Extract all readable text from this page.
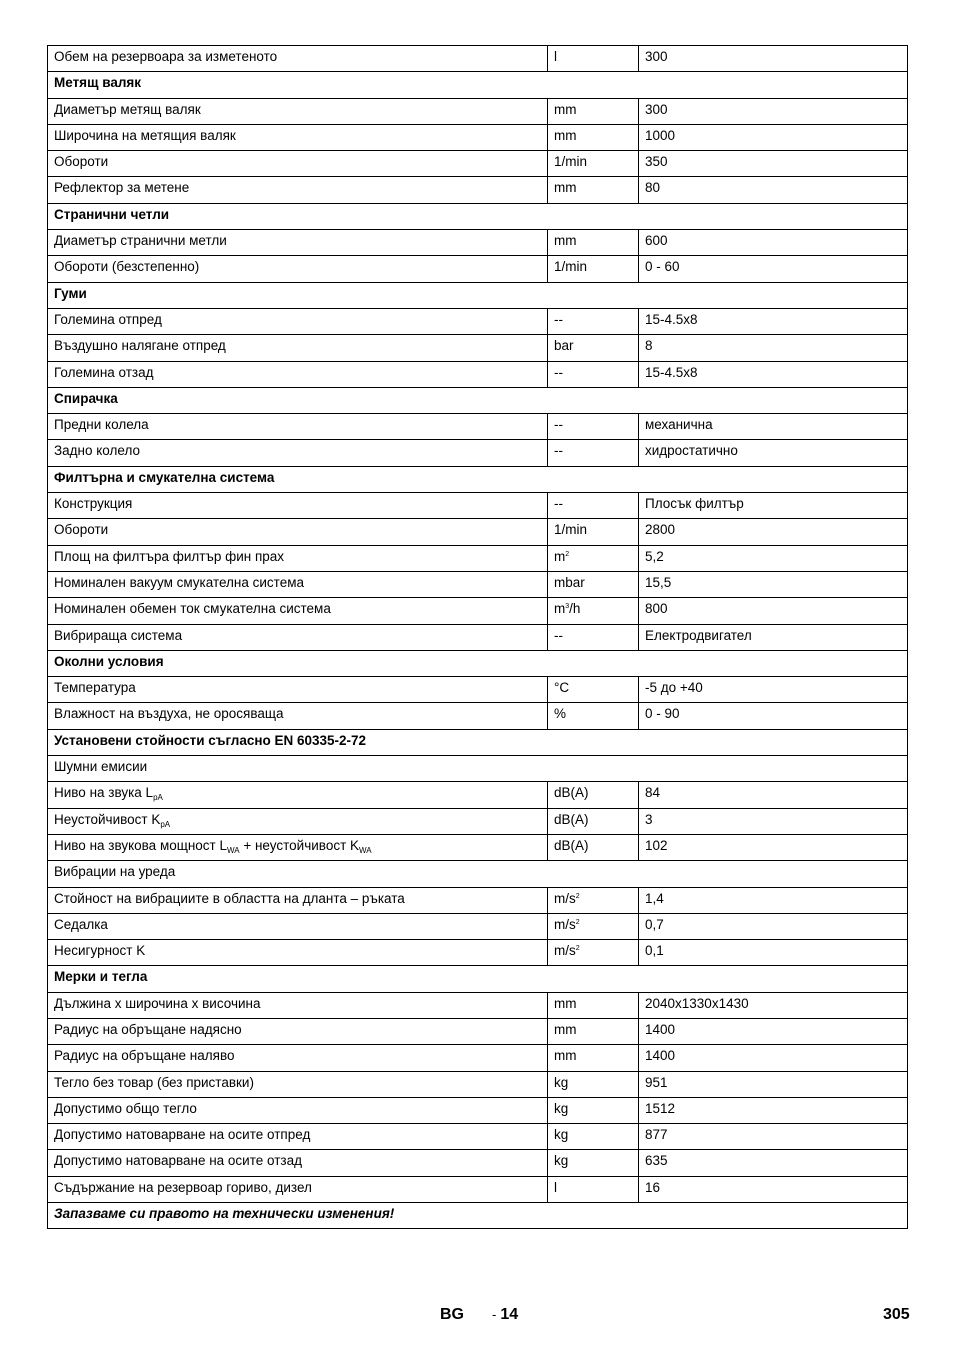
Обем на резервоара за изметеното	l	300
Метящ валяк		
Диаметър метящ валяк	mm	300
Широчина на метящия валяк	mm	1000
Обороти	1/min	350
Рефлектор за метене	mm	80
Странични четли		
Диаметър странични метли	mm	600
Обороти (безстепенно)	1/min	0 - 60
Гуми		
Големина отпред	--	15-4.5x8
Въздушно налягане отпред	bar	8
Големина отзад	--	15-4.5x8
Спирачка		
Предни колела	--	механична
Задно колело	--	хидростатично
Филтърна и смукателна система		
Конструкция	--	Плосък филтър
Обороти	1/min	2800
Площ на филтъра филтър фин прах	$m^2$	5,2
Номинален вакуум смукателна система	mbar	15,5
Номинален обемен ток смукателна система	$m^3/h$	800
Вибрираща система	--	Електродвигател
Околни условия		
Температура	°C	-5 до +40
Влажност на въздуха, не оросяваща	%	0 - 90
Установени стойности съгласно EN 60335-2-72		
Шумни емисии		
Ниво на звука $L_{pA}$	dB(A)	84
Неустойчивост $K_{pA}$	dB(A)	3
Ниво на звукова мощност $L_{WA}$ + неустойчивост $K_{WA}$	dB(A)	102
Вибрации на уреда		
Стойност на вибрациите в областта на дланта – ръката	$m/s^2$	1,4
Седалка	$m/s^2$	0,7
Несигурност K	$m/s^2$	0,1
Мерки и тегла		
Дължина x широчина x височина	mm	2040x1330x1430
Радиус на обръщане надясно	mm	1400
Радиус на обръщане наляво	mm	1400
Тегло без товар (без приставки)	kg	951
Допустимо общо тегло	kg	1512
Допустимо натоварване на осите отпред	kg	877
Допустимо натоварване на осите отзад	kg	635
Съдържание на резервоар гориво, дизел	l	16
Запазваме си правото на технически изменения!		
BG - 14	305
